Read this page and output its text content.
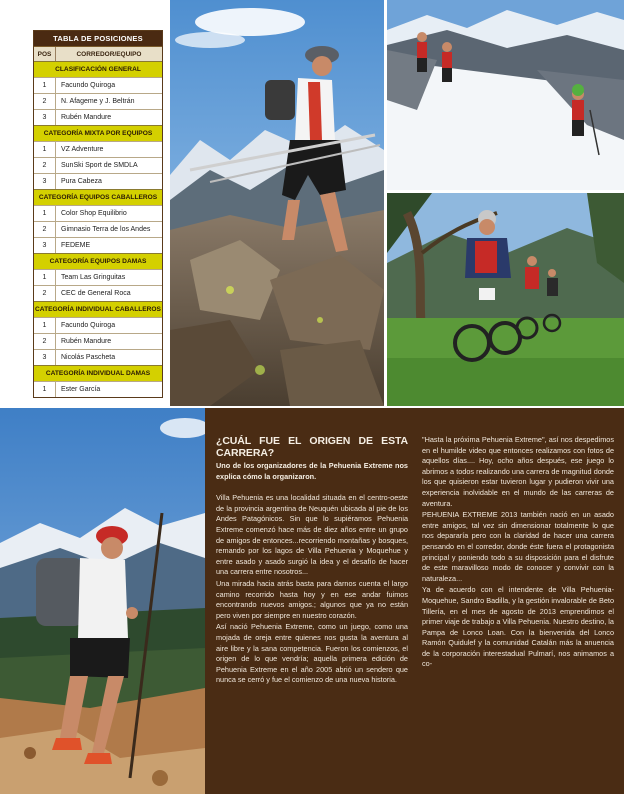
TABLA DE POSICIONES
POS	CORREDOR/EQUIPO
CLASIFICACIÓN GENERAL
1	Facundo Quiroga
2	N. Afageme y J. Beltrán
3	Rubén Mandure
CATEGORÍA MIXTA POR EQUIPOS
1	VZ Adventure
2	SunSki Sport de SMDLA
3	Pura Cabeza
CATEGORÍA EQUIPOS CABALLEROS
1	Color Shop Equilibrio
2	Gimnasio Terra de los Andes
3	FEDEME
CATEGORÍA EQUIPOS DAMAS
1	Team Las Gringuitas
2	CEC de General Roca
CATEGORÍA INDIVIDUAL CABALLEROS
1	Facundo Quiroga
2	Rubén Mandure
3	Nicolás Pascheta
CATEGORÍA INDIVIDUAL DAMAS
1	Ester García
¿CUÁL FUE EL ORIGEN DE ESTA CARRERA?
Uno de los organizadores de la Pehuenia Extreme nos explica cómo la organizaron.

Villa Pehuenia es una localidad situada en el centro-oeste de la provincia argentina de Neuquén ubicada al pie de los Andes Patagónicos. Sin que lo supiéramos Pehuenia Extreme comenzó hace más de diez años entre un grupo de amigos de entonces...recorriendo montañas y bosques, remando por los lagos de Villa Pehuenia y Moquehue y entre asado y asado surgió la idea y el desafío de hacer una carrera entre nosotros...

Una mirada hacia atrás basta para darnos cuenta el largo camino recorrido hasta hoy y en ese andar fuimos encontrando nuevos amigos.; algunos que ya no están pero viven por siempre en nuestro corazón.

Así nació Pehuenia Extreme, como un juego, como una mojada de oreja entre quienes nos gusta la aventura al aire libre y la sana competencia. Fueron los comienzos, el origen de lo que vendría; aquella primera edición de Pehuenia Extreme en el año 2005 abrió un sendero que nunca se cerró y fue el comienzo de una nueva historia.

"Hasta la próxima Pehuenia Extreme", así nos despedimos en el humilde video que entonces realizamos con fotos de aquellos días.... Hoy, ocho años después, ese juego lo abrimos a todos realizando una carrera de magnitud donde los que quisieron estar tuvieron lugar y pudieron vivir una experiencia inolvidable en el mundo de las carreras de aventura.

PEHUENIA EXTREME 2013 también nació en un asado entre amigos, tal vez sin dimensionar totalmente lo que nos depararía pero con la claridad de hacer una carrera pensando en el corredor, donde éste fuera el protagonista principal y poniendo todo a su disposición para el disfrute de este maravilloso modo de conocer y convivir con la naturaleza...

Ya de acuerdo con el intendente de Villa Pehuenia-Moquehue, Sandro Badilla, y la gestión invalorable de Beto Tillería, en el mes de agosto de 2013 emprendimos el primer viaje de trabajo a Villa Pehuenia. Nuestro destino, la Pampa de Lonco Loan. Con la bienvenida del Lonco Ramón Quidulef y la comunidad Catalán más la anuencia de la corporación interestadual Pulmarí, nos animamos a co-
